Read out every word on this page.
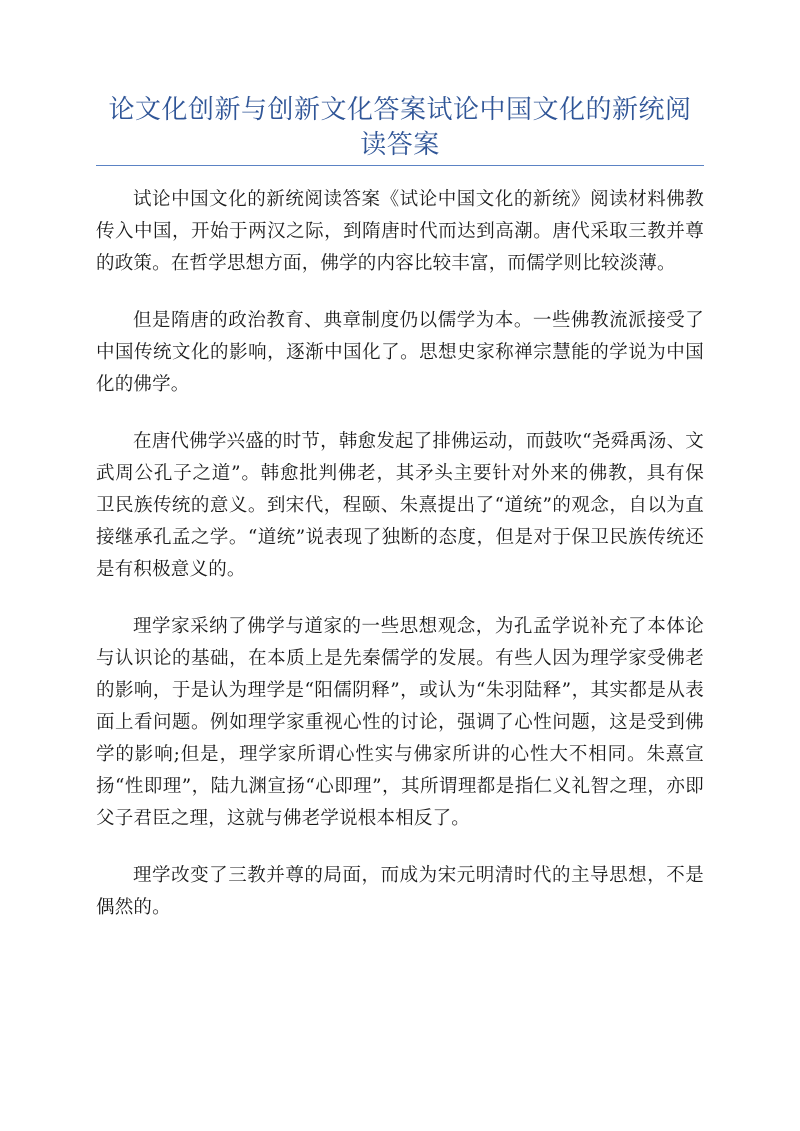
论文化创新与创新文化答案试论中国文化的新统阅读答案

试论中国文化的新统阅读答案《试论中国文化的新统》阅读材料佛教传入中国，开始于两汉之际，到隋唐时代而达到高潮。唐代采取三教并尊的政策。在哲学思想方面，佛学的内容比较丰富，而儒学则比较淡薄。

但是隋唐的政治教育、典章制度仍以儒学为本。一些佛教流派接受了中国传统文化的影响，逐渐中国化了。思想史家称禅宗慧能的学说为中国化的佛学。

在唐代佛学兴盛的时节，韩愈发起了排佛运动，而鼓吹“尧舜禹汤、文武周公孔子之道”。韩愈批判佛老，其矛头主要针对外来的佛教，具有保卫民族传统的意义。到宋代，程颐、朱熹提出了“道统”的观念，自以为直接继承孔孟之学。“道统”说表现了独断的态度，但是对于保卫民族传统还是有积极意义的。

理学家采纳了佛学与道家的一些思想观念，为孔孟学说补充了本体论与认识论的基础，在本质上是先秦儒学的发展。有些人因为理学家受佛老的影响，于是认为理学是“阳儒阴释”，或认为“朱羽陆释”，其实都是从表面上看问题。例如理学家重视心性的讨论，强调了心性问题，这是受到佛学的影响;但是，理学家所谓心性实与佛家所讲的心性大不相同。朱熹宣扬“性即理”，陆九渊宣扬“心即理”，其所谓理都是指仁义礼智之理，亦即父子君臣之理，这就与佛老学说根本相反了。

理学改变了三教并尊的局面，而成为宋元明清时代的主导思想，不是偶然的。
